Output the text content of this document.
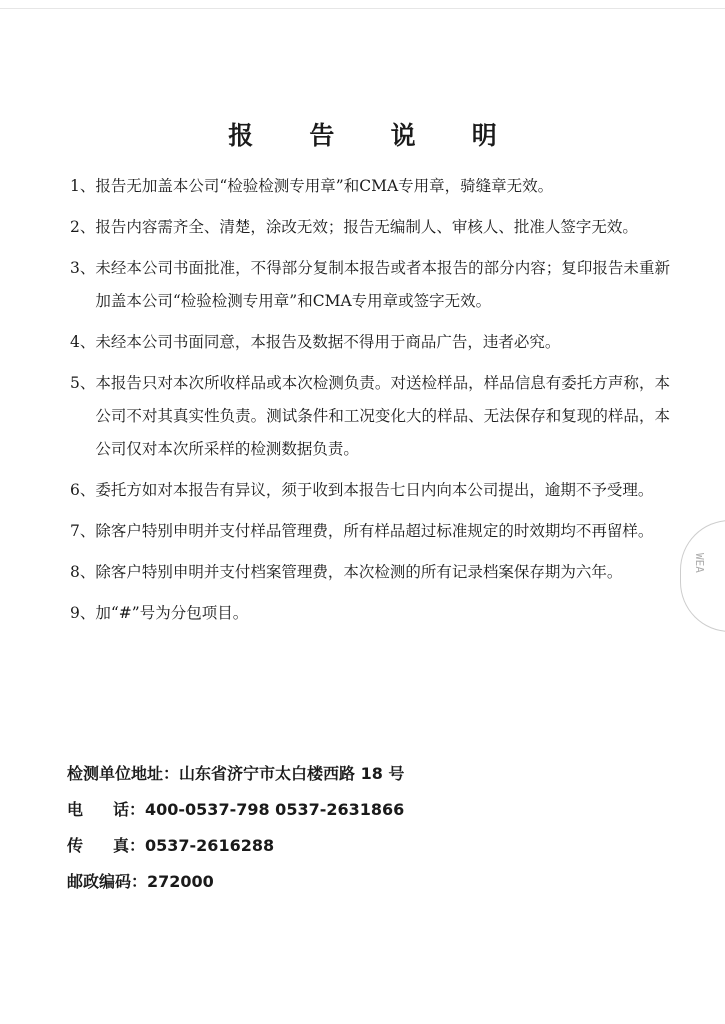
报 告 说 明
1、 报告无加盖本公司“检验检测专用章”和CMA专用章，骑缝章无效。
2、 报告内容需齐全、清楚，涂改无效；报告无编制人、审核人、批准人签字无效。
3、 未经本公司书面批准，不得部分复制本报告或者本报告的部分内容；复印报告未重新加盖本公司“检验检测专用章”和CMA专用章或签字无效。
4、 未经本公司书面同意，本报告及数据不得用于商品广告，违者必究。
5、 本报告只对本次所收样品或本次检测负责。对送检样品，样品信息有委托方声称，本公司不对其真实性负责。测试条件和工况变化大的样品、无法保存和复现的样品，本公司仅对本次所采样的检测数据负责。
6、 委托方如对本报告有异议，须于收到本报告七日内向本公司提出，逾期不予受理。
7、 除客户特别申明并支付样品管理费，所有样品超过标准规定的时效期均不再留样。
8、 除客户特别申明并支付档案管理费，本次检测的所有记录档案保存期为六年。
9、 加“#”号为分包项目。
检测单位地址：山东省济宁市太白楼西路 18 号
电 话： 400-0537-798 0537-2631866
传 真： 0537-2616288
邮政编码：272000
WEA
